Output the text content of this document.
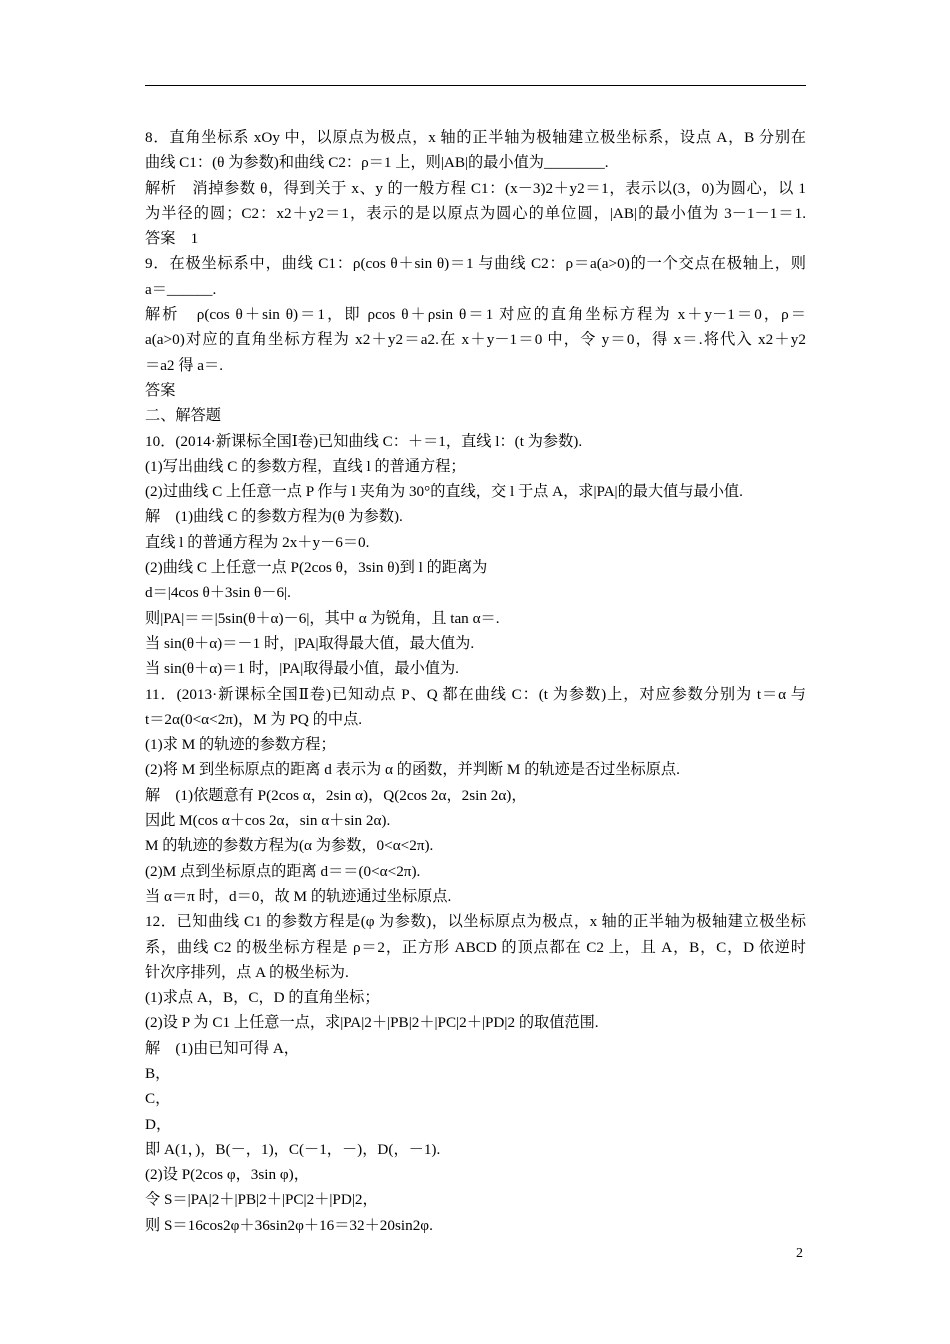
8．直角坐标系 xOy 中，以原点为极点，x 轴的正半轴为极轴建立极坐标系，设点 A，B 分别在
曲线 C1：(θ 为参数)和曲线 C2：ρ＝1 上，则|AB|的最小值为________.
解析　消掉参数 θ，得到关于 x、y 的一般方程 C1：(x－3)2＋y2＝1，表示以(3，0)为圆心，以 1
为半径的圆；C2：x2＋y2＝1，表示的是以原点为圆心的单位圆，|AB|的最小值为 3－1－1＝1.
答案　1
9．在极坐标系中，曲线 C1：ρ(cos θ＋sin θ)＝1 与曲线 C2：ρ＝a(a>0)的一个交点在极轴上，则
a＝______.
解析　ρ(cos θ＋sin θ)＝1，即 ρcos θ＋ρsin θ＝1 对应的直角坐标方程为 x＋y－1＝0，ρ＝
a(a>0)对应的直角坐标方程为 x2＋y2＝a2.在 x＋y－1＝0 中，令 y＝0，得 x＝.将代入 x2＋y2
＝a2 得 a＝.
答案
二、解答题
10．(2014·新课标全国Ⅰ卷)已知曲线 C：＋＝1，直线 l：(t 为参数).
(1)写出曲线 C 的参数方程，直线 l 的普通方程；
(2)过曲线 C 上任意一点 P 作与 l 夹角为 30°的直线，交 l 于点 A，求|PA|的最大值与最小值.
解　(1)曲线 C 的参数方程为(θ 为参数).
直线 l 的普通方程为 2x＋y－6＝0.
(2)曲线 C 上任意一点 P(2cos θ，3sin θ)到 l 的距离为
d＝|4cos θ＋3sin θ－6|.
则|PA|＝＝|5sin(θ＋α)－6|，其中 α 为锐角，且 tan α＝.
当 sin(θ＋α)＝－1 时，|PA|取得最大值，最大值为.
当 sin(θ＋α)＝1 时，|PA|取得最小值，最小值为.
11．(2013·新课标全国Ⅱ卷)已知动点 P、Q 都在曲线 C：(t 为参数)上，对应参数分别为 t＝α 与
t＝2α(0<α<2π)，M 为 PQ 的中点.
(1)求 M 的轨迹的参数方程；
(2)将 M 到坐标原点的距离 d 表示为 α 的函数，并判断 M 的轨迹是否过坐标原点.
解　(1)依题意有 P(2cos α，2sin α)，Q(2cos 2α，2sin 2α)，
因此 M(cos α＋cos 2α，sin α＋sin 2α).
M 的轨迹的参数方程为(α 为参数，0<α<2π).
(2)M 点到坐标原点的距离 d＝＝(0<α<2π).
当 α＝π 时，d＝0，故 M 的轨迹通过坐标原点.
12．已知曲线 C1 的参数方程是(φ 为参数)，以坐标原点为极点，x 轴的正半轴为极轴建立极坐标
系，曲线 C2 的极坐标方程是 ρ＝2，正方形 ABCD 的顶点都在 C2 上，且 A，B，C，D 依逆时
针次序排列，点 A 的极坐标为.
(1)求点 A，B，C，D 的直角坐标；
(2)设 P 为 C1 上任意一点，求|PA|2＋|PB|2＋|PC|2＋|PD|2 的取值范围.
解　(1)由已知可得 A，
B，
C，
D，
即 A(1，)，B(－，1)，C(－1，－)，D(，－1).
(2)设 P(2cos φ，3sin φ)，
令 S＝|PA|2＋|PB|2＋|PC|2＋|PD|2，
则 S＝16cos2φ＋36sin2φ＋16＝32＋20sin2φ.
2
